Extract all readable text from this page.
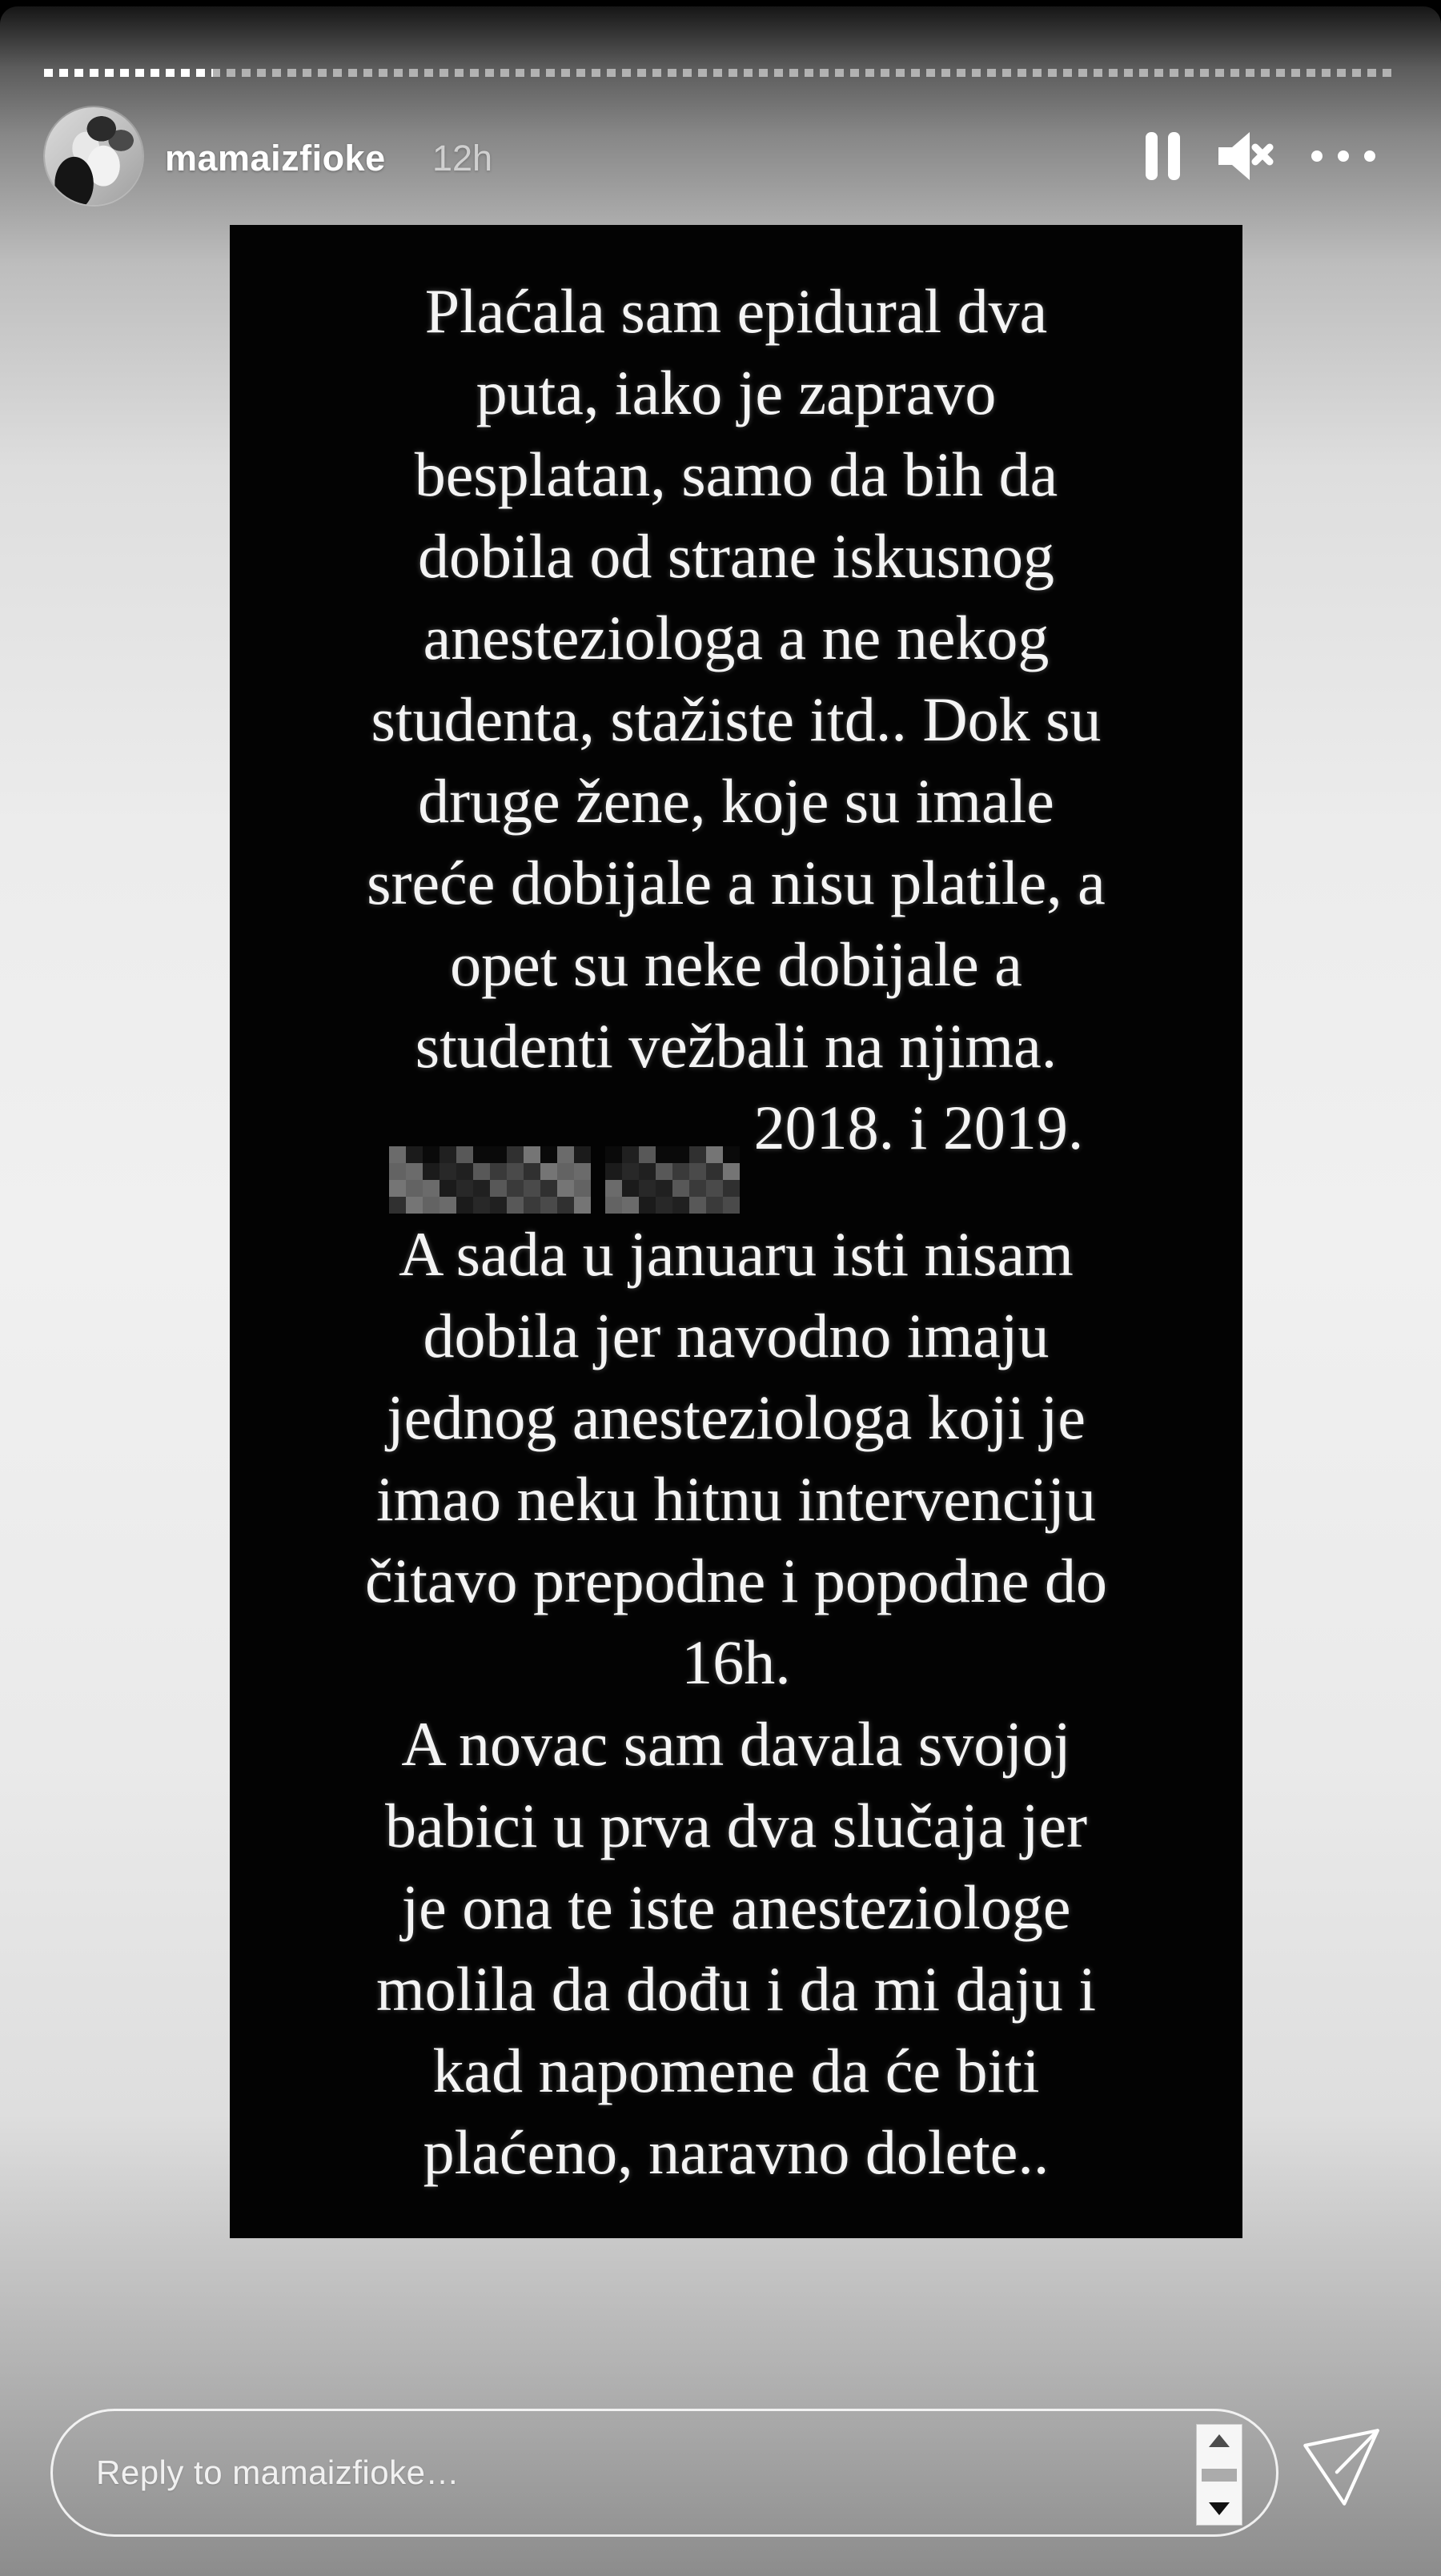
mamaizfioke 12h
Plaćala sam epidural dva
puta, iako je zapravo
besplatan, samo da bih da
dobila od strane iskusnog
anesteziologa a ne nekog
studenta, stažiste itd.. Dok su
druge žene, koje su imale
sreće dobijale a nisu platile, a
opet su neke dobijale a
studenti vežbali na njima.
2018. i 2019.
A sada u januaru isti nisam
dobila jer navodno imaju
jednog anesteziologa koji je
imao neku hitnu intervenciju
čitavo prepodne i popodne do
16h.
A novac sam davala svojoj
babici u prva dva slučaja jer
je ona te iste anesteziologe
molila da dođu i da mi daju i
kad napomene da će biti
plaćeno, naravno dolete..
Reply to mamaizfioke…
